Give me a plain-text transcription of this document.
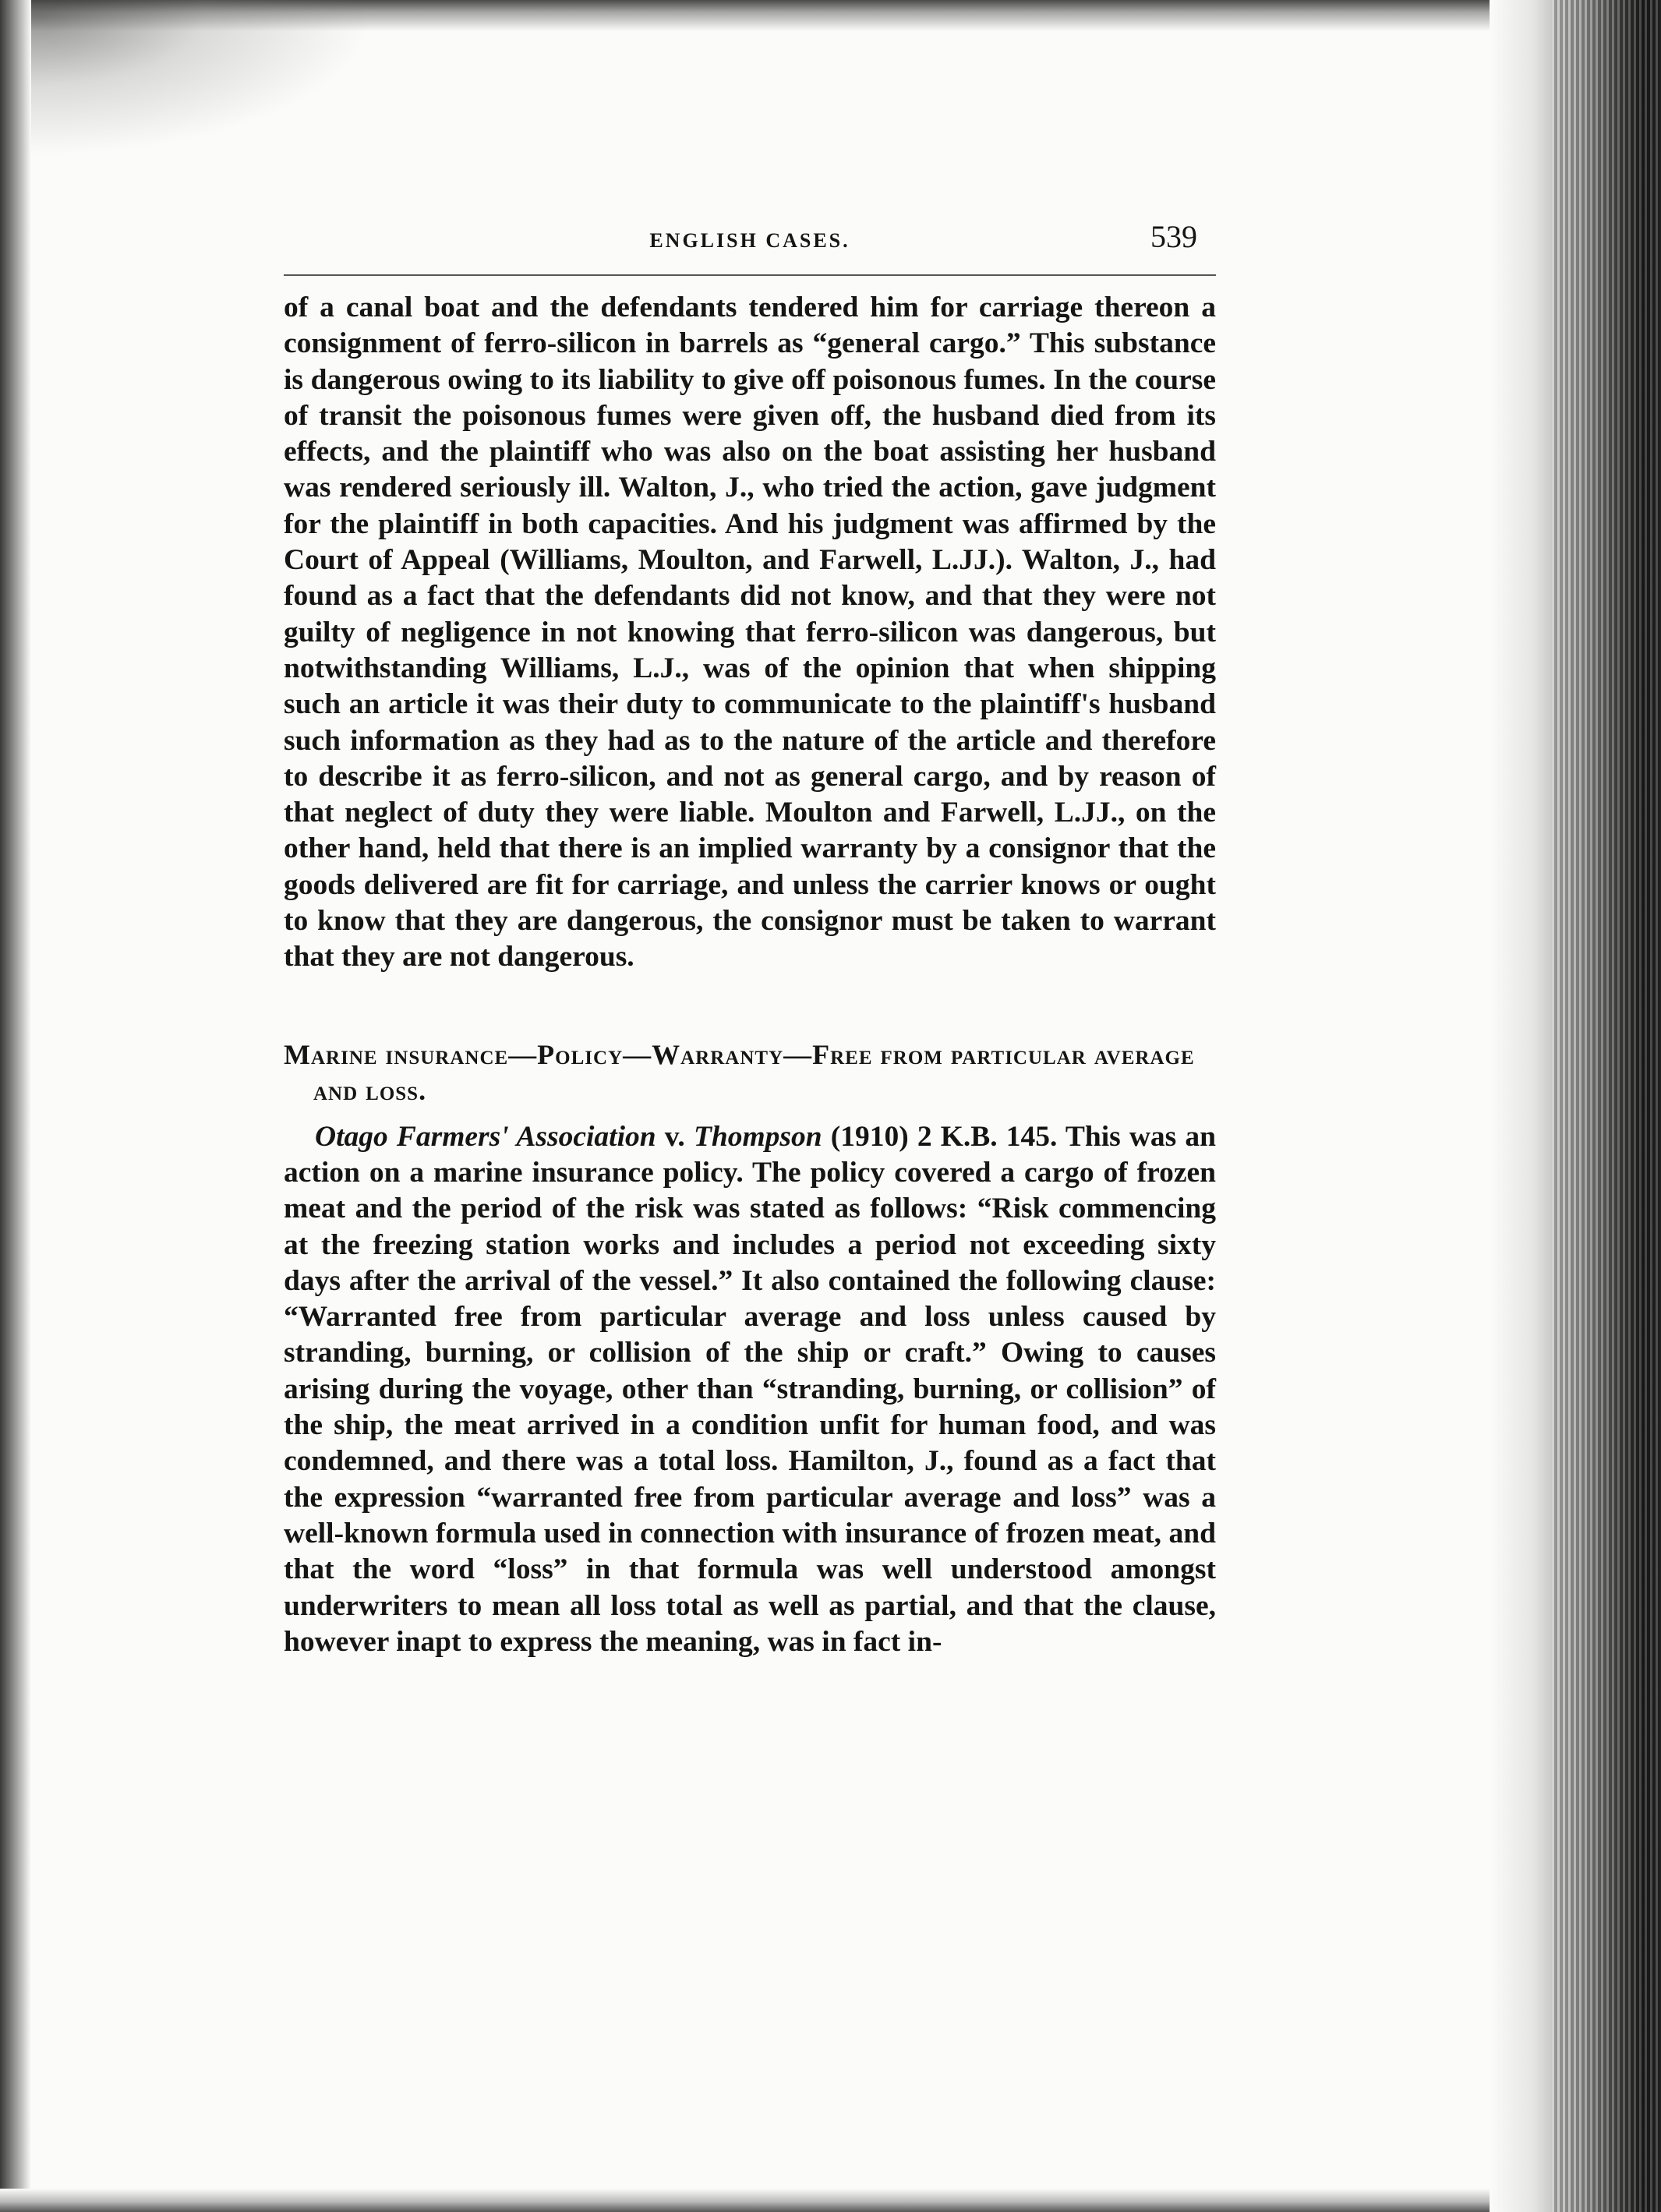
ENGLISH CASES.	539

of a canal boat and the defendants tendered him for carriage thereon a consignment of ferro-silicon in barrels as “general cargo.” This substance is dangerous owing to its liability to give off poisonous fumes. In the course of transit the poisonous fumes were given off, the husband died from its effects, and the plaintiff who was also on the boat assisting her husband was rendered seriously ill. Walton, J., who tried the action, gave judgment for the plaintiff in both capacities. And his judgment was affirmed by the Court of Appeal (Williams, Moulton, and Farwell, L.JJ.). Walton, J., had found as a fact that the defendants did not know, and that they were not guilty of negligence in not knowing that ferro-silicon was dangerous, but notwithstanding Williams, L.J., was of the opinion that when shipping such an article it was their duty to communicate to the plaintiff's husband such information as they had as to the nature of the article and therefore to describe it as ferro-silicon, and not as general cargo, and by reason of that neglect of duty they were liable. Moulton and Farwell, L.JJ., on the other hand, held that there is an implied warranty by a consignor that the goods delivered are fit for carriage, and unless the carrier knows or ought to know that they are dangerous, the consignor must be taken to warrant that they are not dangerous.

Marine insurance—Policy—Warranty—Free from particular average and loss.

Otago Farmers' Association v. Thompson (1910) 2 K.B. 145. This was an action on a marine insurance policy. The policy covered a cargo of frozen meat and the period of the risk was stated as follows: “Risk commencing at the freezing station works and includes a period not exceeding sixty days after the arrival of the vessel.” It also contained the following clause: “Warranted free from particular average and loss unless caused by stranding, burning, or collision of the ship or craft.” Owing to causes arising during the voyage, other than “stranding, burning, or collision” of the ship, the meat arrived in a condition unfit for human food, and was condemned, and there was a total loss. Hamilton, J., found as a fact that the expression “warranted free from particular average and loss” was a well-known formula used in connection with insurance of frozen meat, and that the word “loss” in that formula was well understood amongst underwriters to mean all loss total as well as partial, and that the clause, however inapt to express the meaning, was in fact in-
